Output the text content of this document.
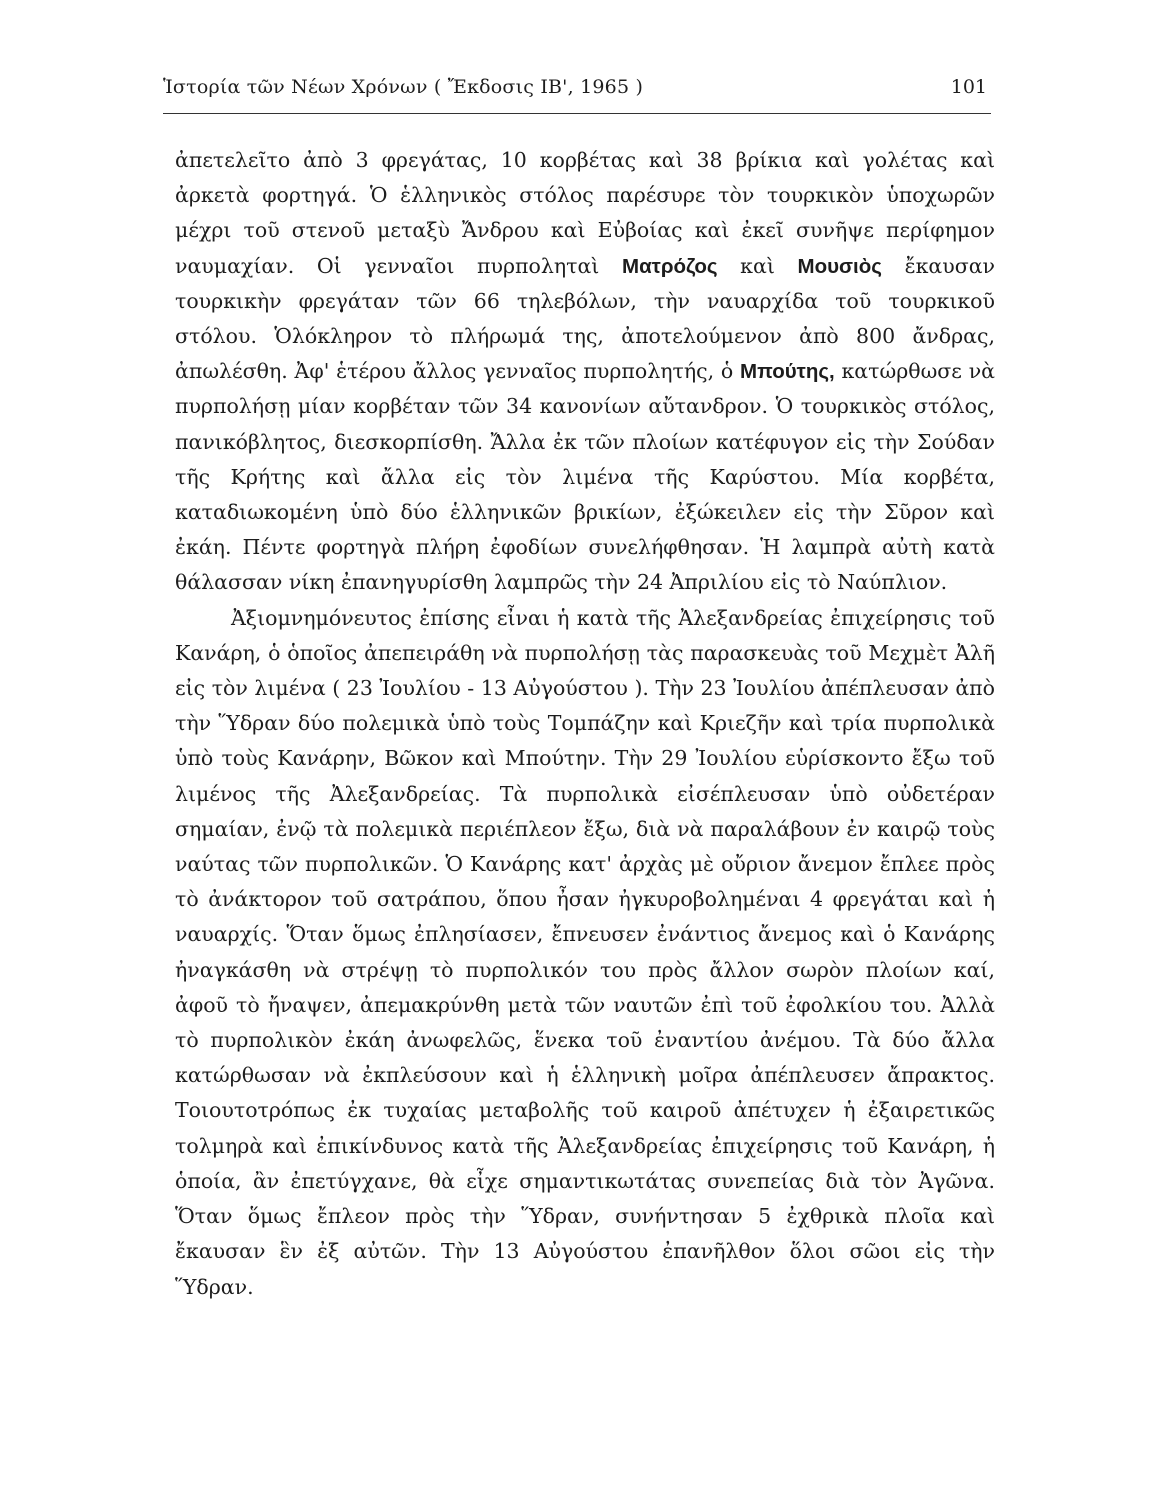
Ἱστορία τῶν Νέων Χρόνων ( Ἔκδοσις ΙΒ', 1965 )	101

ἀπετελεῖτο ἀπὸ 3 φρεγάτας, 10 κορβέτας καὶ 38 βρίκια καὶ γολέτας καὶ ἀρκετὰ φορτηγά. Ὁ ἑλληνικὸς στόλος παρέσυρε τὸν τουρκικὸν ὑποχωρῶν μέχρι τοῦ στενοῦ μεταξὺ Ἄνδρου καὶ Εὐβοίας καὶ ἐκεῖ συνῆψε περίφημον ναυμαχίαν. Οἱ γενναῖοι πυρποληταὶ Ματρόζος καὶ Μουσιὸς ἔκαυσαν τουρκικὴν φρεγάταν τῶν 66 τηλεβόλων, τὴν ναυαρχίδα τοῦ τουρκικοῦ στόλου. Ὁλόκληρον τὸ πλήρωμά της, ἀποτελούμενον ἀπὸ 800 ἄνδρας, ἀπωλέσθη. Ἀφ' ἑτέρου ἄλλος γενναῖος πυρπολητής, ὁ Μπούτης, κατώρθωσε νὰ πυρπολήσῃ μίαν κορβέταν τῶν 34 κανονίων αὔτανδρον. Ὁ τουρκικὸς στόλος, πανικόβλητος, διεσκορπίσθη. Ἄλλα ἐκ τῶν πλοίων κατέφυγον εἰς τὴν Σούδαν τῆς Κρήτης καὶ ἄλλα εἰς τὸν λιμένα τῆς Καρύστου. Μία κορβέτα, καταδιωκομένη ὑπὸ δύο ἑλληνικῶν βρικίων, ἐξώκειλεν εἰς τὴν Σῦρον καὶ ἐκάη. Πέντε φορτηγὰ πλήρη ἐφοδίων συνελήφθησαν. Ἡ λαμπρὰ αὐτὴ κατὰ θάλασσαν νίκη ἐπανηγυρίσθη λαμπρῶς τὴν 24 Ἀπριλίου εἰς τὸ Ναύπλιον.

Ἀξιομνημόνευτος ἐπίσης εἶναι ἡ κατὰ τῆς Ἀλεξανδρείας ἐπιχείρησις τοῦ Κανάρη, ὁ ὁποῖος ἀπεπειράθη νὰ πυρπολήσῃ τὰς παρασκευὰς τοῦ Μεχμὲτ Ἀλῆ εἰς τὸν λιμένα ( 23 Ἰουλίου - 13 Αὐγούστου ). Τὴν 23 Ἰουλίου ἀπέπλευσαν ἀπὸ τὴν Ὕδραν δύο πολεμικὰ ὑπὸ τοὺς Τομπάζην καὶ Κριεζῆν καὶ τρία πυρπολικὰ ὑπὸ τοὺς Κανάρην, Βῶκον καὶ Μπούτην. Τὴν 29 Ἰουλίου εὑρίσκοντο ἔξω τοῦ λιμένος τῆς Ἀλεξανδρείας. Τὰ πυρπολικὰ εἰσέπλευσαν ὑπὸ οὐδετέραν σημαίαν, ἐνῷ τὰ πολεμικὰ περιέπλεον ἔξω, διὰ νὰ παραλάβουν ἐν καιρῷ τοὺς ναύτας τῶν πυρπολικῶν. Ὁ Κανάρης κατ' ἀρχὰς μὲ οὔριον ἄνεμον ἔπλεε πρὸς τὸ ἀνάκτορον τοῦ σατράπου, ὅπου ἦσαν ἠγκυροβολημέναι 4 φρεγάται καὶ ἡ ναυαρχίς. Ὅταν ὅμως ἐπλησίασεν, ἔπνευσεν ἐνάντιος ἄνεμος καὶ ὁ Κανάρης ἠναγκάσθη νὰ στρέψῃ τὸ πυρπολικόν του πρὸς ἄλλον σωρὸν πλοίων καί, ἀφοῦ τὸ ἤναψεν, ἀπεμακρύνθη μετὰ τῶν ναυτῶν ἐπὶ τοῦ ἐφολκίου του. Ἀλλὰ τὸ πυρπολικὸν ἐκάη ἀνωφελῶς, ἕνεκα τοῦ ἐναντίου ἀνέμου. Τὰ δύο ἄλλα κατώρθωσαν νὰ ἐκπλεύσουν καὶ ἡ ἑλληνικὴ μοῖρα ἀπέπλευσεν ἄπρακτος. Τοιουτοτρόπως ἐκ τυχαίας μεταβολῆς τοῦ καιροῦ ἀπέτυχεν ἡ ἐξαιρετικῶς τολμηρὰ καὶ ἐπικίνδυνος κατὰ τῆς Ἀλεξανδρείας ἐπιχείρησις τοῦ Κανάρη, ἡ ὁποία, ἂν ἐπετύγχανε, θὰ εἶχε σημαντικωτάτας συνεπείας διὰ τὸν Ἀγῶνα. Ὅταν ὅμως ἔπλεον πρὸς τὴν Ὕδραν, συνήντησαν 5 ἐχθρικὰ πλοῖα καὶ ἔκαυσαν ἓν ἐξ αὐτῶν. Τὴν 13 Αὐγούστου ἐπανῆλθον ὅλοι σῶοι εἰς τὴν Ὕδραν.
